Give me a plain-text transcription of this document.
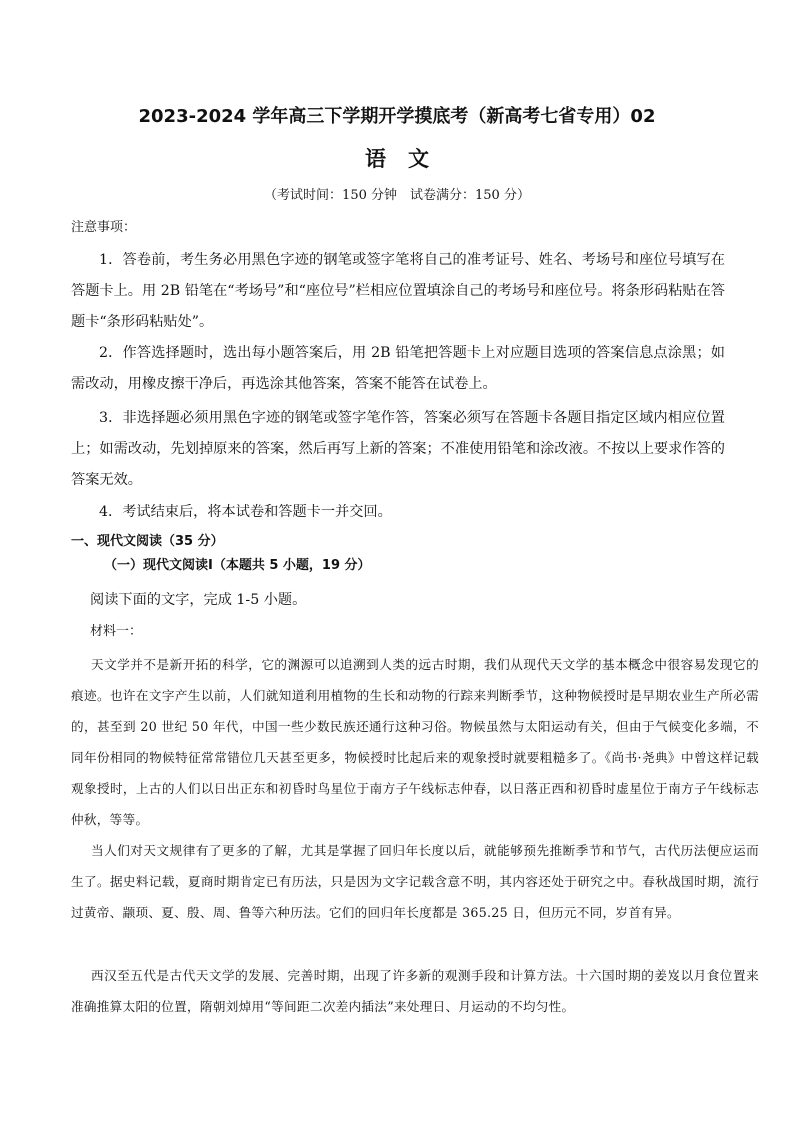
2023-2024 学年高三下学期开学摸底考（新高考七省专用）02
语文
（考试时间：150 分钟　试卷满分：150 分）
注意事项：
1．答卷前，考生务必用黑色字迹的钢笔或签字笔将自己的准考证号、姓名、考场号和座位号填写在答题卡上。用 2B 铅笔在“考场号”和“座位号”栏相应位置填涂自己的考场号和座位号。将条形码粘贴在答题卡“条形码粘贴处”。
2．作答选择题时，选出每小题答案后，用 2B 铅笔把答题卡上对应题目选项的答案信息点涂黑；如需改动，用橡皮擦干净后，再选涂其他答案，答案不能答在试卷上。
3．非选择题必须用黑色字迹的钢笔或签字笔作答，答案必须写在答题卡各题目指定区域内相应位置上；如需改动，先划掉原来的答案，然后再写上新的答案；不准使用铅笔和涂改液。不按以上要求作答的答案无效。
4．考试结束后，将本试卷和答题卡一并交回。
一、现代文阅读（35 分）
（一）现代文阅读Ⅰ（本题共 5 小题，19 分）
阅读下面的文字，完成 1-5 小题。
材料一：
天文学并不是新开拓的科学，它的渊源可以追溯到人类的远古时期，我们从现代天文学的基本概念中很容易发现它的痕迹。也许在文字产生以前，人们就知道利用植物的生长和动物的行踪来判断季节，这种物候授时是早期农业生产所必需的，甚至到 20 世纪 50 年代，中国一些少数民族还通行这种习俗。物候虽然与太阳运动有关，但由于气候变化多端，不同年份相同的物候特征常常错位几天甚至更多，物候授时比起后来的观象授时就要粗糙多了。《尚书·尧典》中曾这样记载观象授时，上古的人们以日出正东和初昏时鸟星位于南方子午线标志仲春，以日落正西和初昏时虚星位于南方子午线标志仲秋，等等。
当人们对天文规律有了更多的了解，尤其是掌握了回归年长度以后，就能够预先推断季节和节气，古代历法便应运而生了。据史料记载，夏商时期肯定已有历法，只是因为文字记载含意不明，其内容还处于研究之中。春秋战国时期，流行过黄帝、颛顼、夏、殷、周、鲁等六种历法。它们的回归年长度都是 365.25 日，但历元不同，岁首有异。
西汉至五代是古代天文学的发展、完善时期，出现了许多新的观测手段和计算方法。十六国时期的姜岌以月食位置来准确推算太阳的位置，隋朝刘焯用“等间距二次差内插法”来处理日、月运动的不均匀性。
